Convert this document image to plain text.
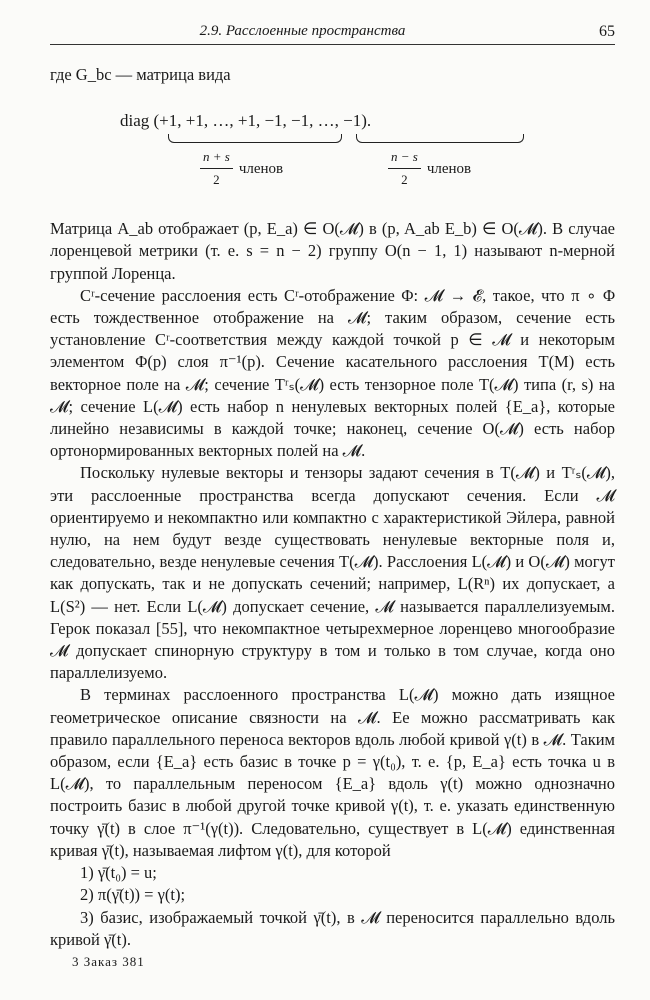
2.9. Расслоенные пространства	65

где G_bc — матрица вида

diag (+1, +1, …, +1, −1, −1, …, −1).
$\frac{n + s}{2}$ членов	$\frac{n - s}{2}$ членов

Матрица A_ab отображает (p, E_a) ∈ O(𝓜) в (p, A_ab E_b) ∈ O(𝓜). В случае лоренцевой метрики (т. е. s = n − 2) группу O(n − 1, 1) называют n-мерной группой Лоренца.

Cʳ-сечение расслоения есть Cʳ-отображение Φ: 𝓜 → 𝓔, такое, что π ∘ Φ есть тождественное отображение на 𝓜; таким образом, сечение есть установление Cʳ-соответствия между каждой точкой p ∈ 𝓜 и некоторым элементом Φ(p) слоя π⁻¹(p). Сечение касательного расслоения T(M) есть векторное поле на 𝓜; сечение Tʳₛ(𝓜) есть тензорное поле T(𝓜) типа (r, s) на 𝓜; сечение L(𝓜) есть набор n ненулевых векторных полей {E_a}, которые линейно независимы в каждой точке; наконец, сечение O(𝓜) есть набор ортонормированных векторных полей на 𝓜.

Поскольку нулевые векторы и тензоры задают сечения в T(𝓜) и Tʳₛ(𝓜), эти расслоенные пространства всегда допускают сечения. Если 𝓜 ориентируемо и некомпактно или компактно с характеристикой Эйлера, равной нулю, на нем будут везде существовать ненулевые векторные поля и, следовательно, везде ненулевые сечения T(𝓜). Расслоения L(𝓜) и O(𝓜) могут как допускать, так и не допускать сечений; например, L(Rⁿ) их допускает, а L(S²) — нет. Если L(𝓜) допускает сечение, 𝓜 называется параллелизуемым. Герок показал [55], что некомпактное четырехмерное лоренцево многообразие 𝓜 допускает спинорную структуру в том и только в том случае, когда оно параллелизуемо.

В терминах расслоенного пространства L(𝓜) можно дать изящное геометрическое описание связности на 𝓜. Ее можно рассматривать как правило параллельного переноса векторов вдоль любой кривой γ(t) в 𝓜. Таким образом, если {E_a} есть базис в точке p = γ(t₀), т. е. {p, E_a} есть точка u в L(𝓜), то параллельным переносом {E_a} вдоль γ(t) можно однозначно построить базис в любой другой точке кривой γ(t), т. е. указать единственную точку γ̄(t) в слое π⁻¹(γ(t)). Следовательно, существует в L(𝓜) единственная кривая γ̄(t), называемая лифтом γ(t), для которой

1) γ̄(t₀) = u;

2) π(γ̄(t)) = γ(t);

3) базис, изображаемый точкой γ̄(t), в 𝓜 переносится параллельно вдоль кривой γ̄(t).

3 Заказ 381
